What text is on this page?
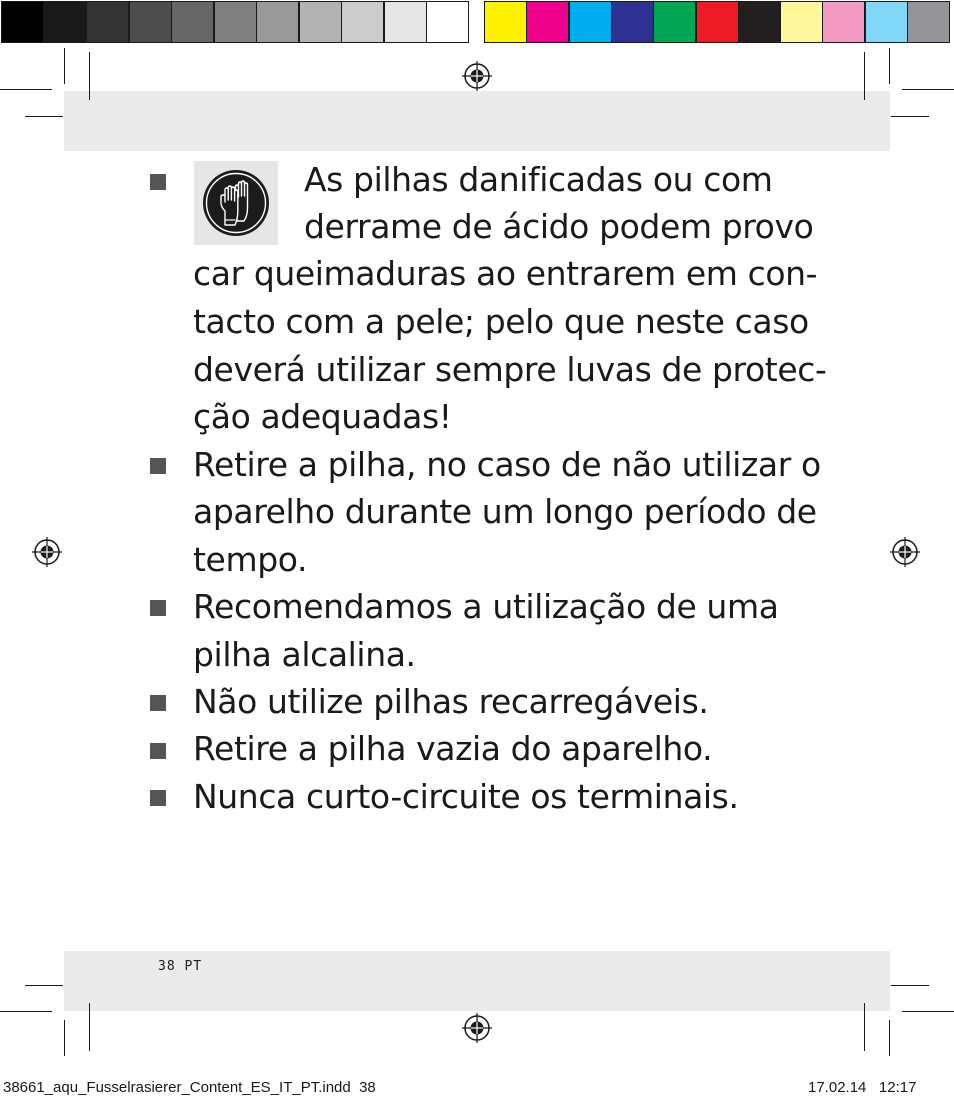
As pilhas danificadas ou com
derrame de ácido podem provo
car queimaduras ao entrarem em con-
tacto com a pele; pelo que neste caso
deverá utilizar sempre luvas de protec-
ção adequadas!
Retire a pilha, no caso de não utilizar o
aparelho durante um longo período de
tempo.
Recomendamos a utilização de uma
pilha alcalina.
Não utilize pilhas recarregáveis.
Retire a pilha vazia do aparelho.
Nunca curto-circuite os terminais.
38 PT
38661_aqu_Fusselrasierer_Content_ES_IT_PT.indd 38	17.02.14 12:17
